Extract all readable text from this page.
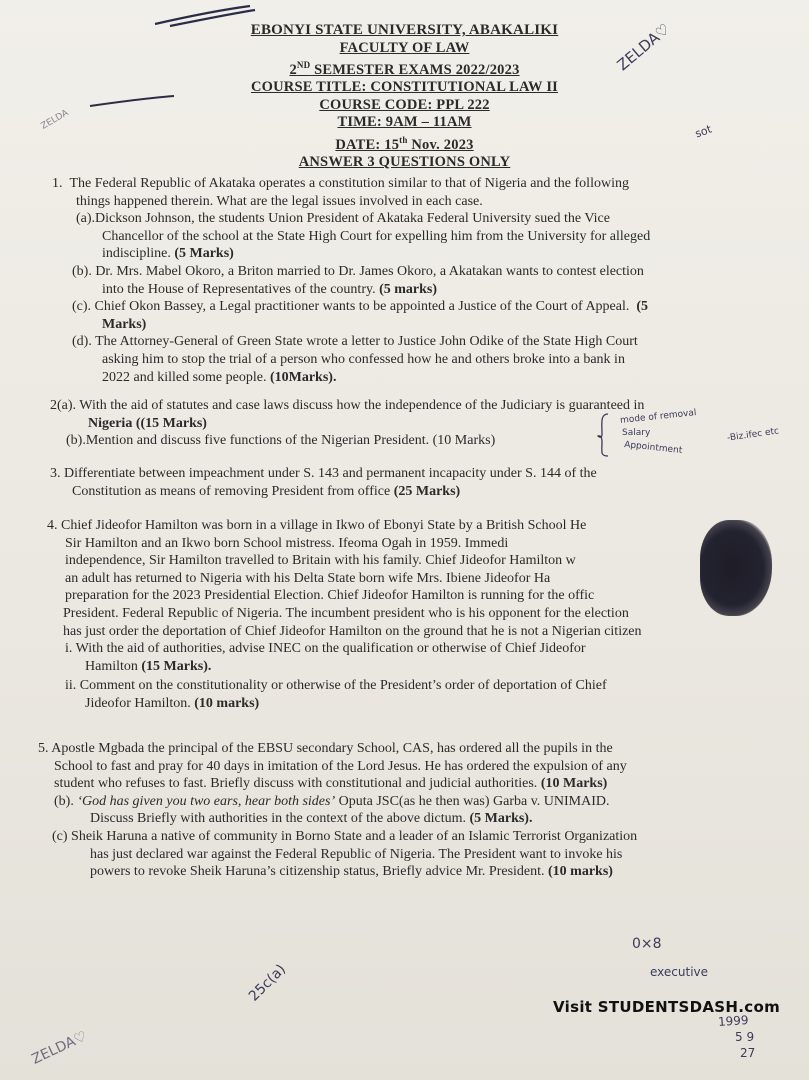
ZELDA♡
sot
EBONYI STATE UNIVERSITY, ABAKALIKI
FACULTY OF LAW
2ND SEMESTER EXAMS 2022/2023
COURSE TITLE: CONSTITUTIONAL LAW II
COURSE CODE: PPL 222
TIME: 9AM – 11AM
DATE: 15th Nov. 2023
ANSWER 3 QUESTIONS ONLY

1. The Federal Republic of Akataka operates a constitution similar to that of Nigeria and the following

things happened therein. What are the legal issues involved in each case.

(a).Dickson Johnson, the students Union President of Akataka Federal University sued the Vice

Chancellor of the school at the State High Court for expelling him from the University for alleged

indiscipline. (5 Marks)

(b). Dr. Mrs. Mabel Okoro, a Briton married to Dr. James Okoro, a Akatakan wants to contest election

into the House of Representatives of the country. (5 marks)

(c). Chief Okon Bassey, a Legal practitioner wants to be appointed a Justice of the Court of Appeal. (5

Marks)

(d). The Attorney-General of Green State wrote a letter to Justice John Odike of the State High Court

asking him to stop the trial of a person who confessed how he and others broke into a bank in

2022 and killed some people. (10Marks).

2(a). With the aid of statutes and case laws discuss how the independence of the Judiciary is guaranteed in

Nigeria ((15 Marks)

(b).Mention and discuss five functions of the Nigerian President. (10 Marks)

mode of removal
Salary
Appointment
-Biz.ifec etc

3. Differentiate between impeachment under S. 143 and permanent incapacity under S. 144 of the

Constitution as means of removing President from office (25 Marks)

4. Chief Jideofor Hamilton was born in a village in Ikwo of Ebonyi State by a British School He

Sir Hamilton and an Ikwo born School mistress. Ifeoma Ogah in 1959. Immedi

independence, Sir Hamilton travelled to Britain with his family. Chief Jideofor Hamilton w

an adult has returned to Nigeria with his Delta State born wife Mrs. Ibiene Jideofor Ha

preparation for the 2023 Presidential Election. Chief Jideofor Hamilton is running for the offic

President. Federal Republic of Nigeria. The incumbent president who is his opponent for the election

has just order the deportation of Chief Jideofor Hamilton on the ground that he is not a Nigerian citizen

i. With the aid of authorities, advise INEC on the qualification or otherwise of Chief Jideofor

Hamilton (15 Marks).

ii. Comment on the constitutionality or otherwise of the President’s order of deportation of Chief

Jideofor Hamilton. (10 marks)

5. Apostle Mgbada the principal of the EBSU secondary School, CAS, has ordered all the pupils in the

School to fast and pray for 40 days in imitation of the Lord Jesus. He has ordered the expulsion of any

student who refuses to fast. Briefly discuss with constitutional and judicial authorities. (10 Marks)

(b). ‘God has given you two ears, hear both sides’ Oputa JSC(as he then was) Garba v. UNIMAID.

Discuss Briefly with authorities in the context of the above dictum. (5 Marks).

(c) Sheik Haruna a native of community in Borno State and a leader of an Islamic Terrorist Organization

has just declared war against the Federal Republic of Nigeria. The President want to invoke his

powers to revoke Sheik Haruna’s citizenship status, Briefly advice Mr. President. (10 marks)

ZELDA
25c(a)
0×8
executive
1999
5 9
27
ZELDA♡
Visit STUDENTSDASH.com
